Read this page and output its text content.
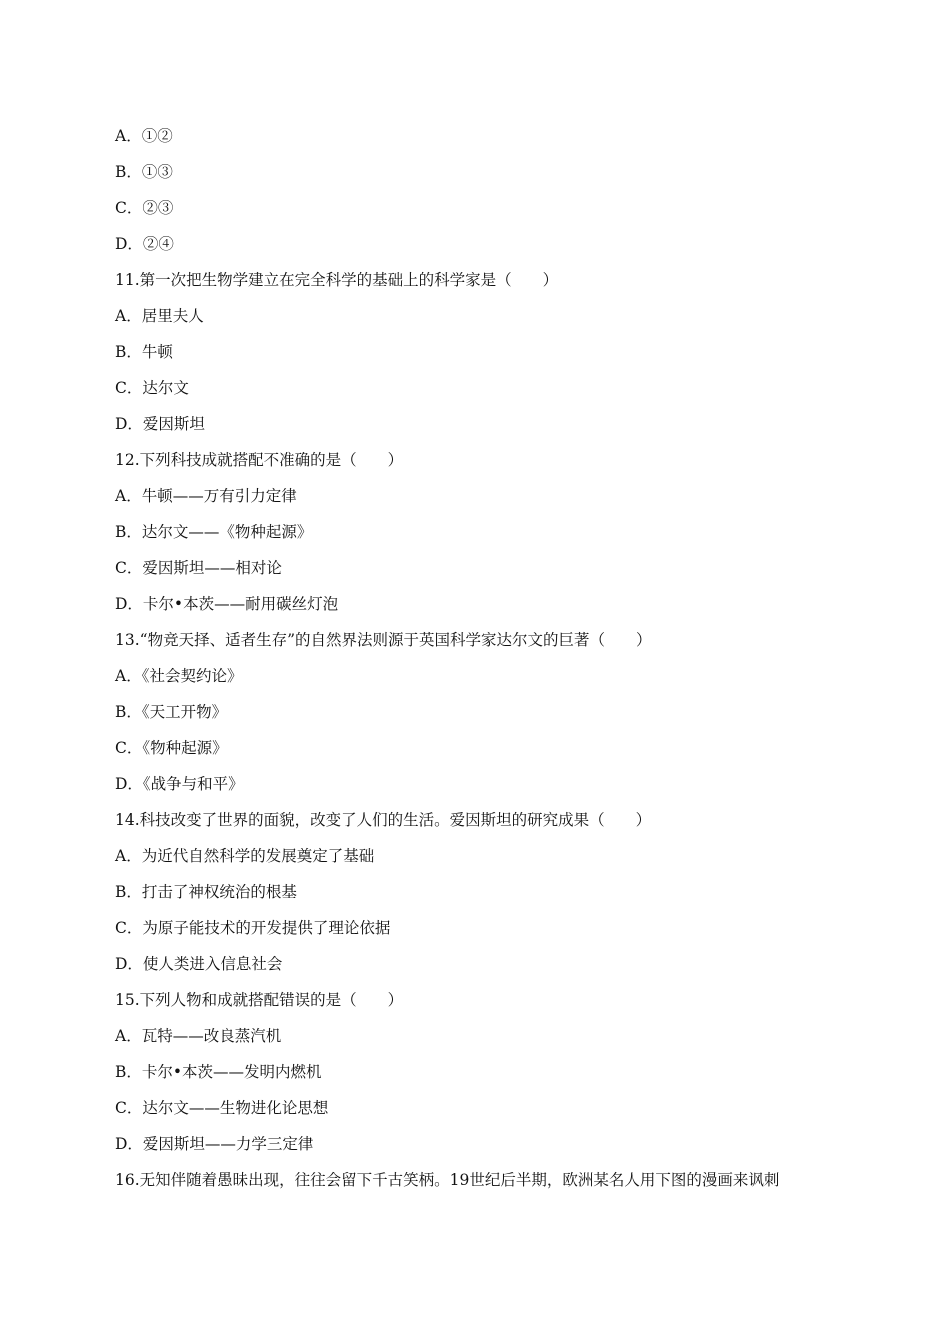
A．①②
B．①③
C．②③
D．②④
11.第一次把生物学建立在完全科学的基础上的科学家是（　　）
A．居里夫人
B．牛顿
C．达尔文
D．爱因斯坦
12.下列科技成就搭配不准确的是（　　）
A．牛顿——万有引力定律
B．达尔文——《物种起源》
C．爱因斯坦——相对论
D．卡尔•本茨——耐用碳丝灯泡
13.“物竞天择、适者生存”的自然界法则源于英国科学家达尔文的巨著（　　）
A．《社会契约论》
B．《天工开物》
C．《物种起源》
D．《战争与和平》
14.科技改变了世界的面貌，改变了人们的生活。爱因斯坦的研究成果（　　）
A．为近代自然科学的发展奠定了基础
B．打击了神权统治的根基
C．为原子能技术的开发提供了理论依据
D．使人类进入信息社会
15.下列人物和成就搭配错误的是（　　）
A．瓦特——改良蒸汽机
B．卡尔•本茨——发明内燃机
C．达尔文——生物进化论思想
D．爱因斯坦——力学三定律
16.无知伴随着愚昧出现，往往会留下千古笑柄。19世纪后半期，欧洲某名人用下图的漫画来讽刺
